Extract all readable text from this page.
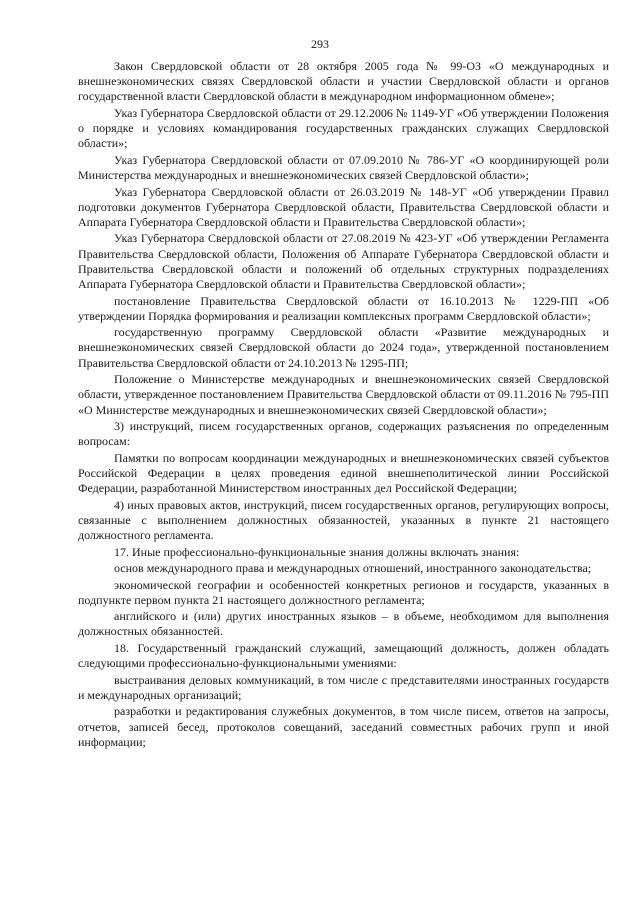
293

Закон Свердловской области от 28 октября 2005 года № 99-ОЗ «О международных и внешнеэкономических связях Свердловской области и участии Свердловской области и органов государственной власти Свердловской области в международном информационном обмене»;

Указ Губернатора Свердловской области от 29.12.2006 № 1149-УГ «Об утверждении Положения о порядке и условиях командирования государственных гражданских служащих Свердловской области»;

Указ Губернатора Свердловской области от 07.09.2010 № 786-УГ «О координирующей роли Министерства международных и внешнеэкономических связей Свердловской области»;

Указ Губернатора Свердловской области от 26.03.2019 № 148-УГ «Об утверждении Правил подготовки документов Губернатора Свердловской области, Правительства Свердловской области и Аппарата Губернатора Свердловской области и Правительства Свердловской области»;

Указ Губернатора Свердловской области от 27.08.2019 № 423-УГ «Об утверждении Регламента Правительства Свердловской области, Положения об Аппарате Губернатора Свердловской области и Правительства Свердловской области и положений об отдельных структурных подразделениях Аппарата Губернатора Свердловской области и Правительства Свердловской области»;

постановление Правительства Свердловской области от 16.10.2013 № 1229-ПП «Об утверждении Порядка формирования и реализации комплексных программ Свердловской области»;

государственную программу Свердловской области «Развитие международных и внешнеэкономических связей Свердловской области до 2024 года», утвержденной постановлением Правительства Свердловской области от 24.10.2013 № 1295-ПП;

Положение о Министерстве международных и внешнеэкономических связей Свердловской области, утвержденное постановлением Правительства Свердловской области от 09.11.2016 № 795-ПП «О Министерстве международных и внешнеэкономических связей Свердловской области»;

3) инструкций, писем государственных органов, содержащих разъяснения по определенным вопросам:

Памятки по вопросам координации международных и внешнеэкономических связей субъектов Российской Федерации в целях проведения единой внешнеполитической линии Российской Федерации, разработанной Министерством иностранных дел Российской Федерации;

4) иных правовых актов, инструкций, писем государственных органов, регулирующих вопросы, связанные с выполнением должностных обязанностей, указанных в пункте 21 настоящего должностного регламента.

17. Иные профессионально-функциональные знания должны включать знания:

основ международного права и международных отношений, иностранного законодательства;

экономической географии и особенностей конкретных регионов и государств, указанных в подпункте первом пункта 21 настоящего должностного регламента;

английского и (или) других иностранных языков – в объеме, необходимом для выполнения должностных обязанностей.

18. Государственный гражданский служащий, замещающий должность, должен обладать следующими профессионально-функциональными умениями:

выстраивания деловых коммуникаций, в том числе с представителями иностранных государств и международных организаций;

разработки и редактирования служебных документов, в том числе писем, ответов на запросы, отчетов, записей бесед, протоколов совещаний, заседаний совместных рабочих групп и иной информации;
